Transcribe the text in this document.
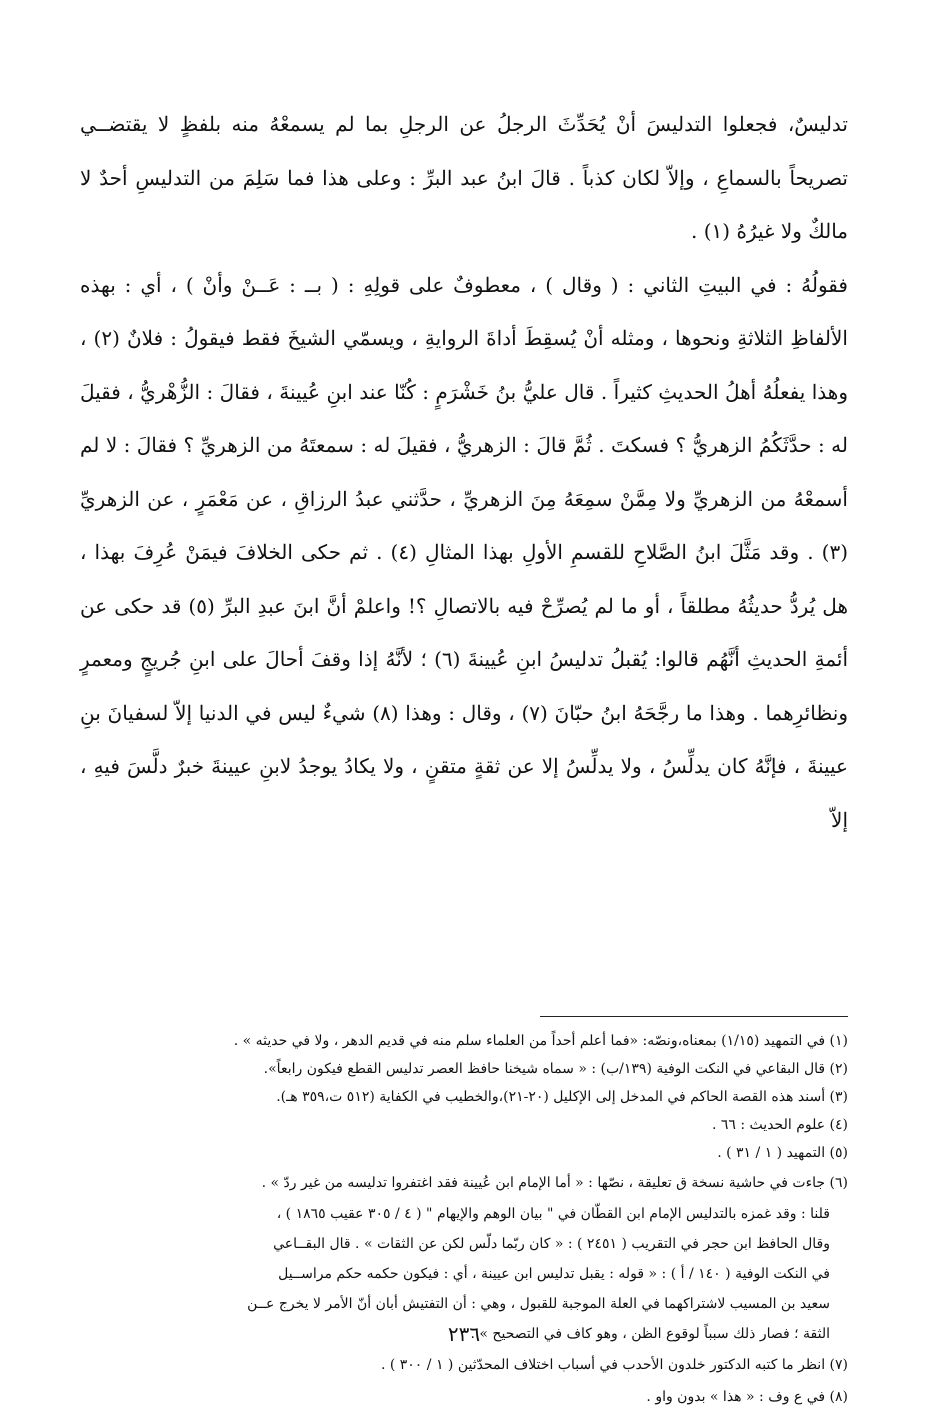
تدليسٌ، فجعلوا التدليسَ أنْ يُحَدِّثَ الرجلُ عن الرجلِ بما لم يسمعْهُ منه بلفظٍ لا يقتضــي تصريحاً بالسماعِ ، وإلاّ لكان كذباً . قالَ ابنُ عبد البرِّ : وعلى هذا فما سَلِمَ من التدليسِ أحدٌ لا مالكٌ ولا غيرُهُ (١) .

فقولُهُ : في البيتِ الثاني : ( وقال ) ، معطوفٌ على قولِهِ : ( بــ : عَــنْ وأنْ ) ، أي : بهذه الألفاظِ الثلاثةِ ونحوها ، ومثله أنْ يُسقِطَ أداةَ الروايةِ ، ويسمّي الشيخَ فقط فيقولُ : فلانٌ (٢) ، وهذا يفعلُهُ أهلُ الحديثِ كثيراً . قال عليُّ بنُ خَشْرَمٍ : كُنّا عند ابنِ عُيينةَ ، فقالَ : الزُّهْريُّ ، فقيلَ له : حدَّثَكُمُ الزهريُّ ؟ فسكتَ . ثُمَّ قالَ : الزهريُّ ، فقيلَ له : سمعتَهُ من الزهريِّ ؟ فقالَ : لا لم أسمعْهُ من الزهريِّ ولا مِمَّنْ سمِعَهُ مِنَ الزهريِّ ، حدَّثني عبدُ الرزاقِ ، عن مَعْمَرٍ ، عن الزهريِّ (٣) . وقد مَثَّلَ ابنُ الصَّلاحِ للقسمِ الأولِ بهذا المثالِ (٤) . ثم حكى الخلافَ فيمَنْ عُرِفَ بهذا ، هل يُردُّ حديثُهُ مطلقاً ، أو ما لم يُصرِّحْ فيه بالاتصالِ ؟! واعلمْ أنَّ ابنَ عبدِ البرِّ (٥) قد حكى عن أئمةِ الحديثِ أنَّهُم قالوا: يُقبلُ تدليسُ ابنِ عُيينةَ (٦) ؛ لأنَّهُ إذا وقفَ أحالَ على ابنِ جُريجٍ ومعمرٍ ونظائرِهما . وهذا ما رجَّحَهُ ابنُ حبّانَ (٧) ، وقال : وهذا (٨) شيءٌ ليس في الدنيا إلاّ لسفيانَ بنِ عيينةَ ، فإنَّهُ كان يدلِّسُ ، ولا يدلِّسُ إلا عن ثقةٍ متقنٍ ، ولا يكادُ يوجدُ لابنِ عيينةَ خبرٌ دلَّسَ فيهِ ، إلاّ

(١) في التمهيد (١/١٥) بمعناه،ونصّه: «فما أعلم أحداً من العلماء سلم منه في قديم الدهر ، ولا في حديثه » .
(٢) قال البقاعي في النكت الوفية (١٣٩/ب) : « سماه شيخنا حافظ العصر تدليس القطع فيكون رابعاً».
(٣) أسند هذه القصة الحاكم في المدخل إلى الإكليل (٢٠-٢١)،والخطيب في الكفاية (٥١٢ ت،٣٥٩ هـ).
(٤) علوم الحديث : ٦٦ .
(٥) التمهيد ( ١ / ٣١ ) .
(٦) جاءت في حاشية نسخة ق تعليقة ، نصّها : « أما الإمام ابن عُيينة فقد اغتفروا تدليسه من غير ردّ » .
قلنا : وقد غمزه بالتدليس الإمام ابن القطّان في " بيان الوهم والإيهام " ( ٤ / ٣٠٥ عقيب ١٨٦٥ ) ،
وقال الحافظ ابن حجر في التقريب ( ٢٤٥١ ) : « كان ربّما دلّس لكن عن الثقات » . قال البقــاعي
في النكت الوفية ( ١٤٠ / أ ) : « قوله : يقبل تدليس ابن عيينة ، أي : فيكون حكمه حكم مراســيل
سعيد بن المسيب لاشتراكهما في العلة الموجبة للقبول ، وهي : أن التفتيش أبان أنّ الأمر لا يخرج عــن
الثقة ؛ فصار ذلك سبباً لوقوع الظن ، وهو كاف في التصحيح » .
(٧) انظر ما كتبه الدكتور خلدون الأحدب في أسباب اختلاف المحدّثين ( ١ / ٣٠٠ ) .
(٨) في ع وف : « هذا » بدون واو .
٢٣٦
